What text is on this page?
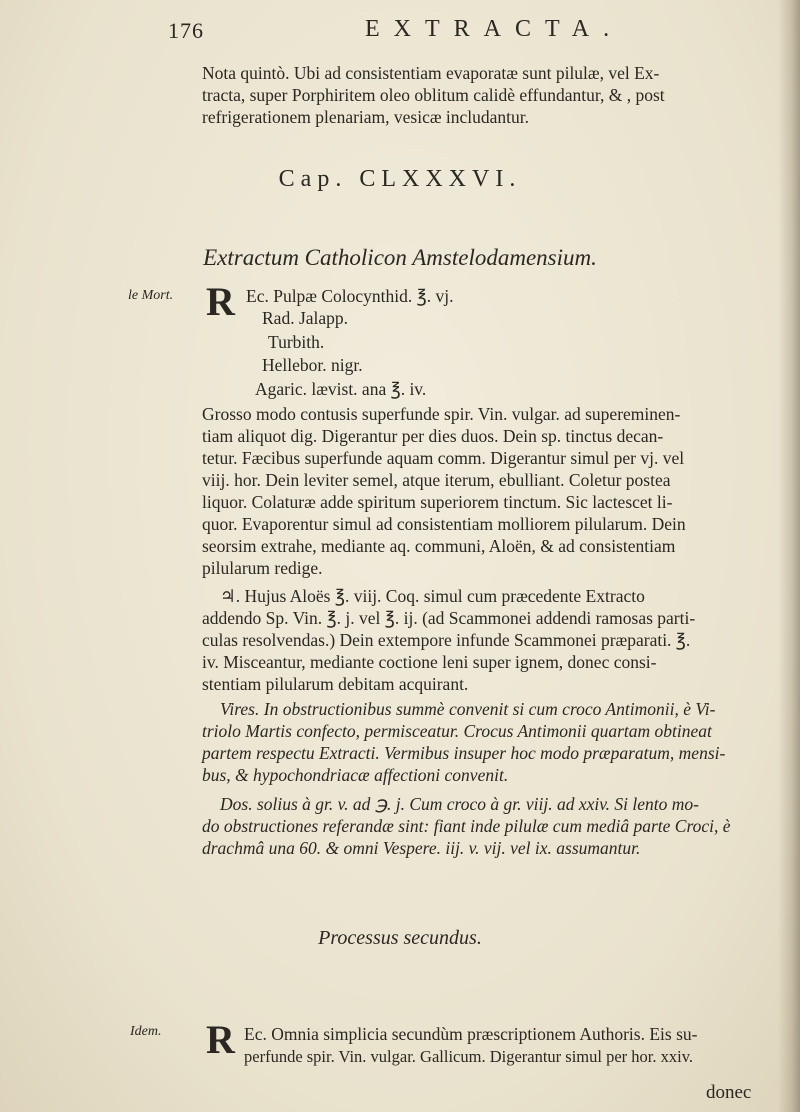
176	EXTRACTA.
Nota quintò. Ubi ad consistentiam evaporatæ sunt pilulæ, vel Ex-
tracta, super Porphiritem oleo oblitum calidè effundantur, & , post
refrigerationem plenariam, vesicæ includantur.
Cap. CLXXXVI.
Extractum Catholicon Amstelodamensium.
le Mort. R Ec. Pulpæ Colocynthid. ℥. vj.
Rad. Jalapp.
Turbith.
Hellebor. nigr.
Agaric. lævist. ana ℥. iv.
Grosso modo contusis superfunde spir. Vin. vulgar. ad supereminen-
tiam aliquot dig. Digerantur per dies duos. Dein sp. tinctus decan-
tetur. Fæcibus superfunde aquam comm. Digerantur simul per vj. vel
viij. hor. Dein leviter semel, atque iterum, ebulliant. Coletur postea
liquor. Colaturæ adde spiritum superiorem tinctum. Sic lactescet li-
quor. Evaporentur simul ad consistentiam molliorem pilularum. Dein
seorsim extrahe, mediante aq. communi, Aloën, & ad consistentiam
pilularum redige.
♃. Hujus Aloës ℥. viij. Coq. simul cum præcedente Extracto
addendo Sp. Vin. ℥. j. vel ℥. ij. (ad Scammonei addendi ramosas parti-
culas resolvendas.) Dein extempore infunde Scammonei præparati. ℥.
iv. Misceantur, mediante coctione leni super ignem, donec consi-
stentiam pilularum debitam acquirant.
Vires. In obstructionibus summè convenit si cum croco Antimonii, è Vi-
triolo Martis confecto, permisceatur. Crocus Antimonii quartam obtineat
partem respectu Extracti. Vermibus insuper hoc modo præparatum, mensi-
bus, & hypochondriacæ affectioni convenit.
Dos. solius à gr. v. ad ℈. j. Cum croco à gr. viij. ad xxiv. Si lento mo-
do obstructiones referandæ sint: fiant inde pilulæ cum mediâ parte Croci, è
drachmâ una 60. & omni Vespere. iij. v. vij. vel ix. assumantur.
Processus secundus.
Idem. R Ec. Omnia simplicia secundùm præscriptionem Authoris. Eis su-
perfunde spir. Vin. vulgar. Gallicum. Digerantur simul per hor. xxiv.
donec
